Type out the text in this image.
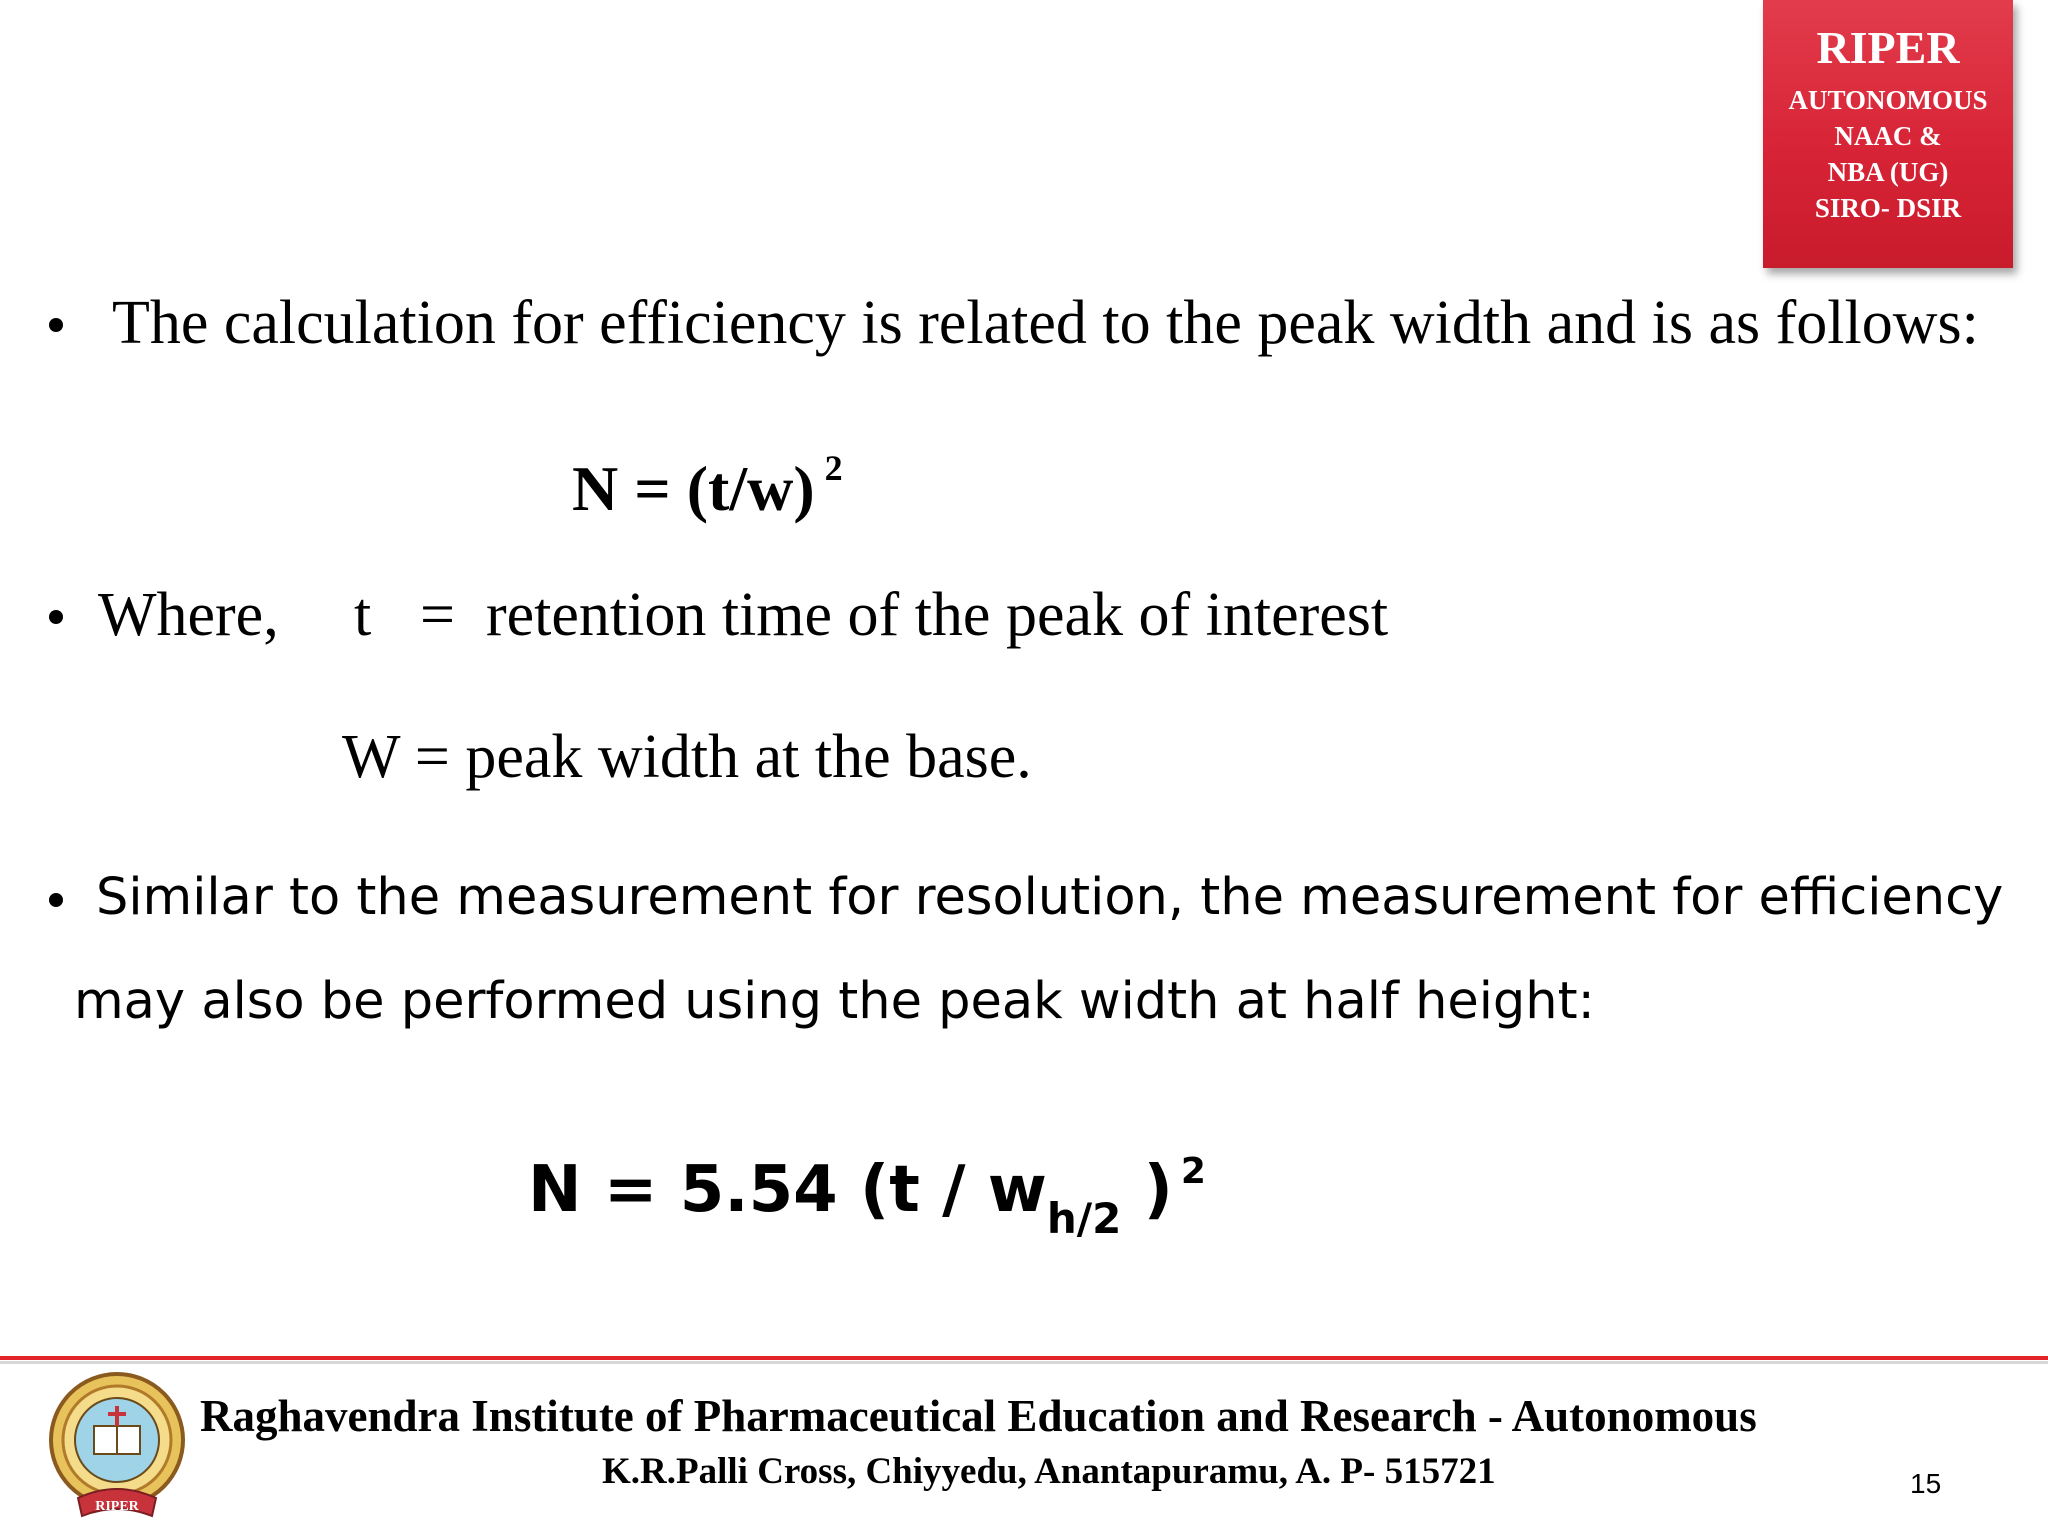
RIPER
AUTONOMOUS
NAAC &
NBA (UG)
SIRO- DSIR
The calculation for efficiency is related to the peak width and is as follows:
N = (t/w) $^2$
Where, t = retention time of the peak of interest
W = peak width at the base.
Similar to the measurement for resolution, the measurement for efficiency
may also be performed using the peak width at half height:
N = 5.54 ($t / w_{h/2}$ ) $^2$
RIPER
Raghavendra Institute of Pharmaceutical Education and Research - Autonomous
K.R.Palli Cross, Chiyyedu, Anantapuramu, A. P- 515721	15
